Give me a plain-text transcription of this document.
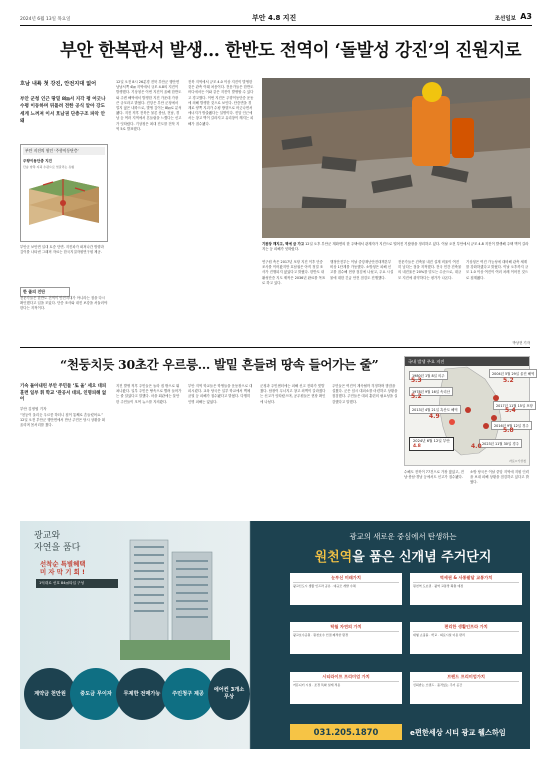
2024년 6월 13일 목요일	부안 4.8 지진	조선일보 A3
부안 한복판서 발생… 한반도 전역이 ‘돌발성 강진’의 진원지로
호남 내륙 첫 강진, 안전지대 없어
부안 군청 인근 땅밑 8㎞서 지각 평 어긋나 수평 이동하며 뒤틀려 전한 공식 알아 강도 세게 느껴져 이서 호남권 단층구조 파악 안 돼
부안 지진의 원인 ‘주향이동단층’
주향이동단층 지진
단층 양쪽 지괴 수평으로 엇갈리는 유형
부안군 보안면 일대 토층 단면. 지진파가 퍼져나간 방향과 깊이를 나타낸 그래픽 자료는 한국지질자원연구원 제공.
한 줄의 진단
전문가들은 한반도 전역이 안전지대가 아니라는 점을 다시 확인했다고 입을 모았다. 단층 조사와 내진 보강을 서둘러야 한다는 지적이다.
12일 오전 8시 26분경 전북 부안군 행안면 남남서쪽 4㎞ 지역에서 규모 4.8의 지진이 발생했다. 기상청은 이번 지진이 올해 한반도와 주변 해역에서 발생한 지진 가운데 가장 큰 규모라고 밝혔다. 진앙은 부안 군청에서 멀지 않은 내륙으로, 발생 깊이는 8㎞로 분석됐다. 지진 직후 전북은 물론 충남, 전남, 경남 등 여러 지역에서 흔들림을 느꼈다는 신고가 잇따랐다. 기상청은 최대 진도를 전북 지역 5로 발표했다.
전북 지역에서 규모 4.0 이상 지진이 발생한 것은 관측 이래 처음이다. 전문가들은 한반도 어디에서든 이와 같은 지진이 발생할 수 있다고 경고했다. 이번 지진은 주향이동단층 운동에 의해 발생한 것으로 보인다. 단층면을 경계로 양쪽 지괴가 수평 방향으로 어긋나면서 에너지가 방출됐다는 설명이다. 진앙 인근에서는 창고 벽이 갈라지고 유리창이 깨지는 피해가 접수됐다.
기왓장 깨지고, 벽에 금 가고 12일 오후 부안군 계화면의 한 주택에서 관계자가 지진으로 떨어진 기왓장을 정리하고 있다. 이날 오전 부안에서 규모 4.8 지진이 발생해 주택 벽이 갈라지는 등 피해가 잇따랐다.
연구원 측은 2017년 포항 지진 이후 단층 조사를 이어왔지만 호남권은 아직 정밀 조사가 진행되지 않았다고 밝혔다. 한반도 내 활성단층 지도 제작은 2036년 완료를 목표로 하고 있다.
행정안전부는 이날 중앙재난안전대책본부 비상 1단계를 가동했다. 소방청은 피해 신고를 접수해 현장 점검에 나섰고, 주요 시설물에 대한 긴급 안전 점검도 진행했다.
전문가들은 건축물 내진 설계 비율이 여전히 낮다는 점을 지적했다. 전국 민간 건축물의 내진율은 20%를 밑도는 수준으로, 대규모 지진에 취약하다는 평가가 나온다.
기상청은 여진 가능성에 대비해 관측 체계를 강화하겠다고 밝혔다. 이날 오후까지 규모 1.0 이상 여진이 여러 차례 이어진 것으로 집계됐다.
박상현 기자
“천둥치듯 30초간 우르릉… 발밑 흔들려 땅속 들어가는 줄”
기숙 돌아내린 부안 주민들 ‘또 올’ 세오 대피훈련 일부 휘 학교 ‘관공서 대피, 인명피해 없어
부안 김정엽 기자
“천둥이 울리듯 우르릉 하더니 집이 통째로 흔들렸어요.” 12일 오전 부안군 행안면에서 만난 주민은 당시 상황을 떠올리며 몸서리를 쳤다.
지진 발생 직후 주민들은 놀라 집 밖으로 뛰쳐나왔다. 일부 주민은 땅속으로 빨려 들어가는 줄 알았다고 말했다. 마을 회관에는 불안한 주민들이 모여 뉴스를 지켜봤다.
부안 지역 학교들은 학생들을 운동장으로 대피시켰다. 교육 당국은 일부 학교에서 벽체 균열 등 피해가 접수됐다고 밝혔다. 다행히 인명 피해는 없었다.
군청과 주민센터에는 피해 신고 전화가 빗발쳤다. 담장이 무너지고 창고 외벽이 갈라졌다는 신고가 잇따랐으며, 공무원들은 현장 확인에 나섰다.
주민들은 여진이 계속될까 걱정하며 밤잠을 설쳤다. 군은 임시 대피소를 마련하고 상황을 점검했다. 주민들은 대피 훈련의 필요성을 실감했다고 말했다.
국내 발생 주요 지진
2004년 5월 29일 울진 해역
5.2
1980년 1월 8일 의주
5.3
1978년 9월 16일 속리산
5.2
2017년 11월 15일 포항
5.4
2016년 9월 12일 경주
5.8
2023년 11월 30일 경주
4.0
2013년 4월 21일 흑산도 해역
4.9
2024년 6월 12일 부안
4.8
자료=기상청
수해도 전북이 77건으로 가장 많았고, 전남·충남·경남 등에서도 신고가 접수됐다.
소방 당국은 이날 중앙 지역에 지원 인력을 보내 피해 상황을 점검하고 있다고 밝혔다.
광교와
자연을 품다
선착순 특별혜택
미 자 막 기 회 !
1억대로 선호 84㎡타입 구성
계약금 천만원	중도금 무이자	무제한 전매가능	주민청구 제공
에어컨 3개소 무상
광교의 새로운 중심에서 탄생하는
원천역을 품은 신개념 주거단지
눈부신 미래가치
광교신도시 생활 인프라 공유 · 대규모 개발 수혜
역세권 & 사통팔달 교통가치
원천역 도보권 · 광역 교통망 확충 예정
탁월 자연의 가치
광교호수공원 · 원천호수 인접 쾌적한 환경
편리한 생활인프라 가치
대형 쇼핑몰 · 학교 · 의료시설 이용 편리
시티라이프 프리미엄 가치
커뮤니티 시설 · 조경 특화 설계 적용
브랜드 프리미엄가치
신뢰받는 브랜드 · 품격있는 주거 공간
031.205.1870	e편한세상 시티 광교 웰스하임
